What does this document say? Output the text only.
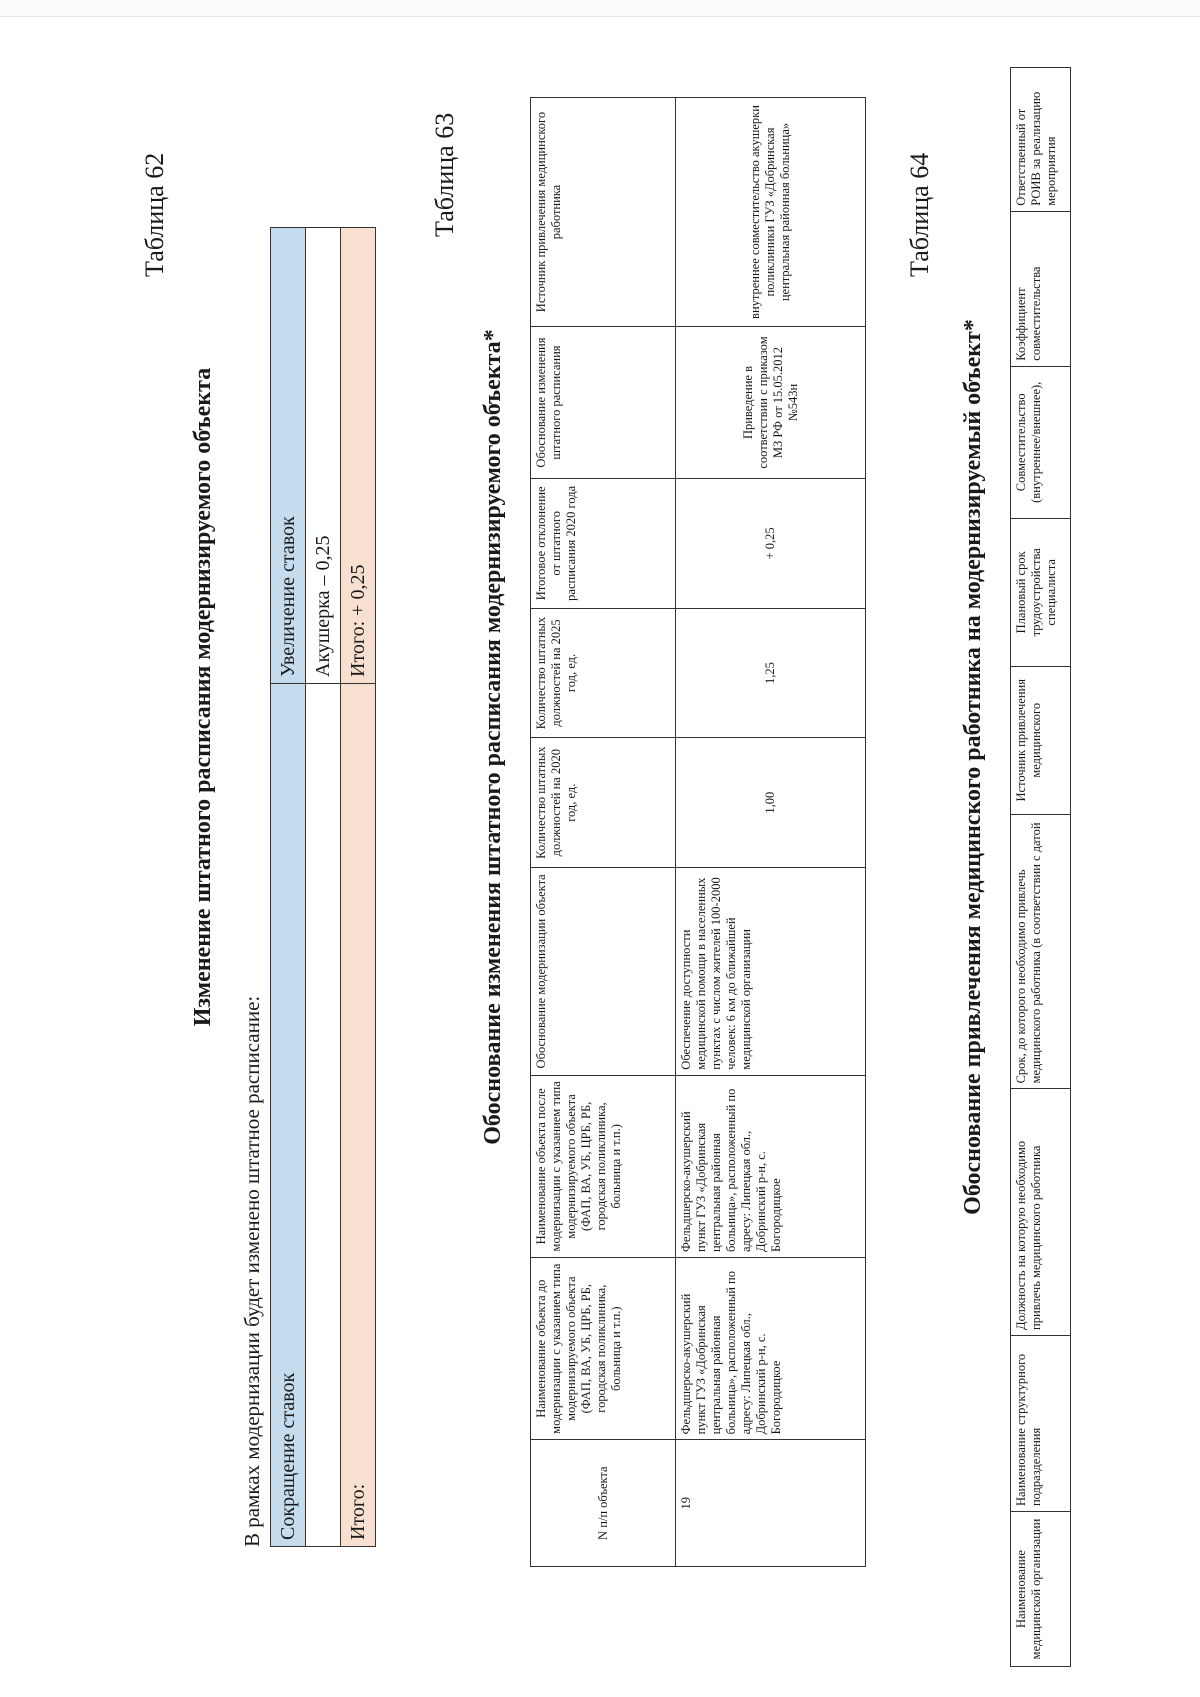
Таблица 62
Изменение штатного расписания модернизируемого объекта
В рамках модернизации будет изменено штатное расписание: Сокращение ставок	Увеличение ставок
	Акушерка – 0,25
Итого:	Итого: + 0,25
Таблица 63
Обоснование изменения штатного расписания модернизируемого объекта*
N п/п объекта	Наименование объекта до модернизации с указанием типа модернизируемого объекта (ФАП, ВА, УБ, ЦРБ, РБ, городская поликлиника, больница и т.п.)	Наименование объекта после модернизации с указанием типа модернизируемого объекта (ФАП, ВА, УБ, ЦРБ, РБ, городская поликлиника, больница и т.п.)	Обоснование модернизации объекта	Количество штатных должностей на 2020 год, ед.	Количество штатных должностей на 2025 год, ед.	Итоговое отклонение от штатного расписания 2020 года	Обоснование изменения штатного расписания	Источник привлечения медицинского работника
19	Фельдшерско-акушерский пункт ГУЗ «Добринская центральная районная больница», расположенный по адресу: Липецкая обл., Добринский р-н, с. Богородицкое	Фельдшерско-акушерский пункт ГУЗ «Добринская центральная районная больница», расположенный по адресу: Липецкая обл., Добринский р-н, с. Богородицкое	Обеспечение доступности медицинской помощи в населенных пунктах с числом жителей 100-2000 человек: 6 км до ближайшей медицинской организации	1,00	1,25	+ 0,25	Приведение в соответствии с приказом МЗ РФ от 15.05.2012 №543н	внутреннее совместительство акушерки поликлиники ГУЗ «Добринская центральная районная больница»	Таблица 64
Обоснование привлечения медицинского работника на модернизируемый объект*
Наименование медицинской организации	Наименование структурного подразделения	Должность на которую необходимо привлечь медицинского работника	Срок, до которого необходимо привлечь медицинского работника (в соответствии с датой	Источник привлечения медицинского	Плановый срок трудоустройства специалиста	Совместительство (внутреннее/внешнее),	Коэффициент совместительства	Ответственный от РОИВ за реализацию мероприятия
